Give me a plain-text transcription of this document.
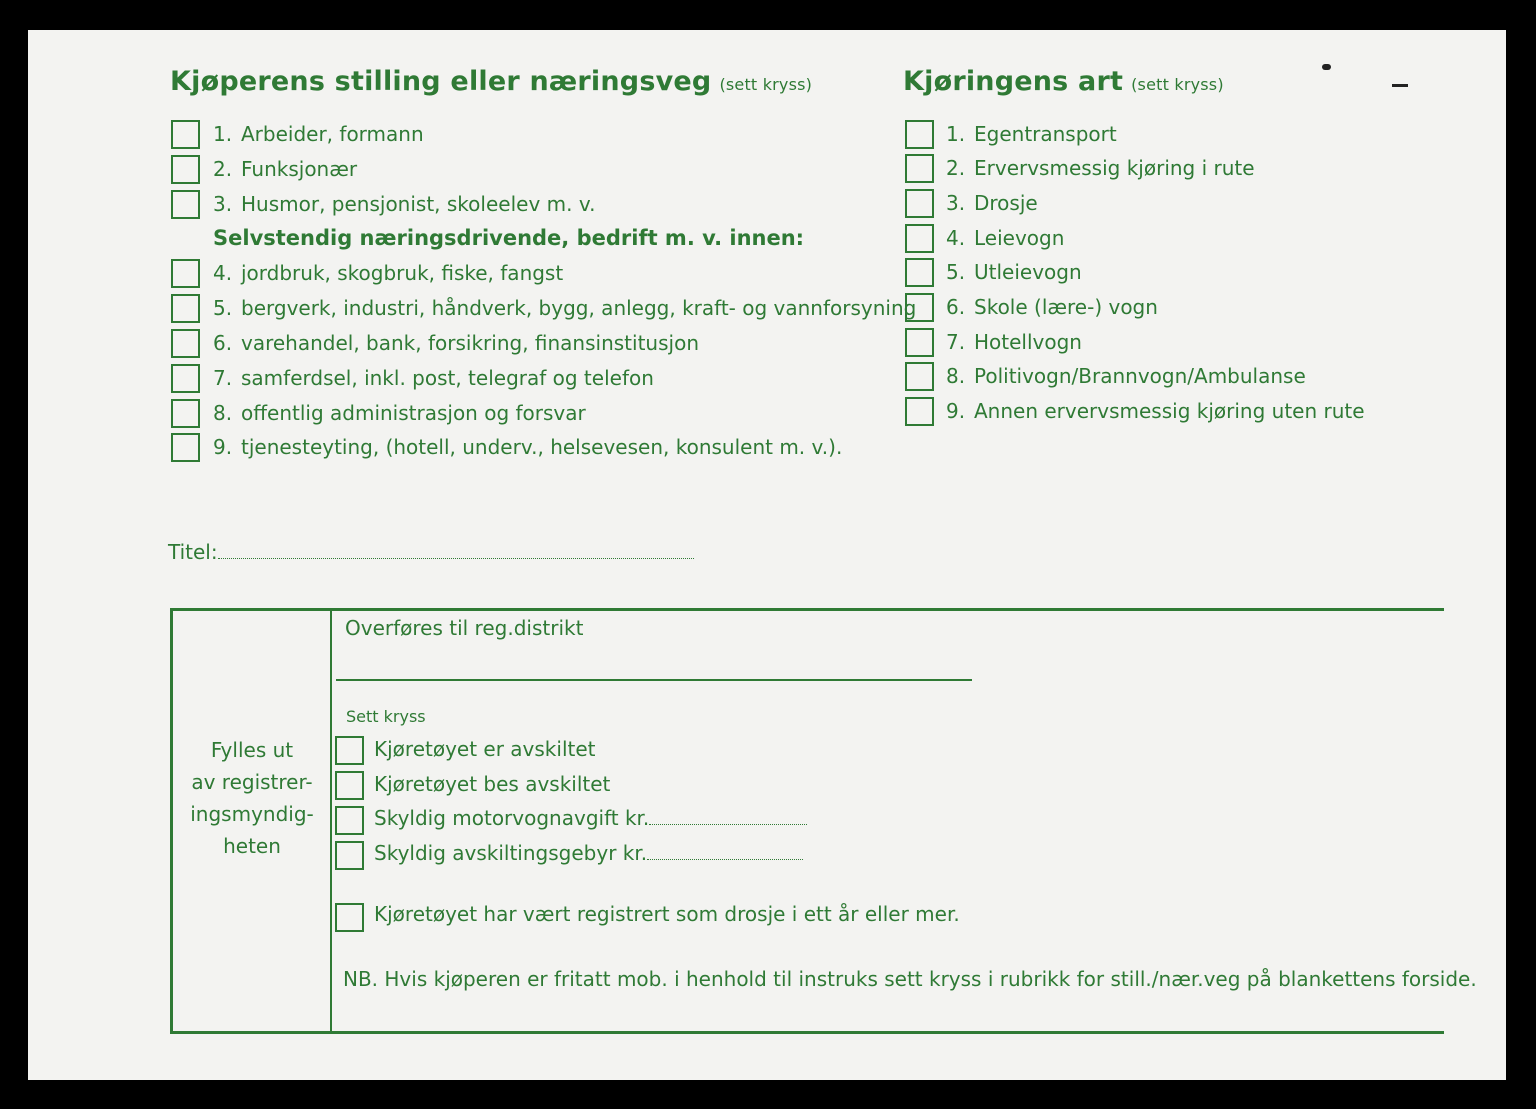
Kjøperens stilling eller næringsveg (sett kryss)
1. Arbeider, formann
2. Funksjonær
3. Husmor, pensjonist, skoleelev m. v.
4. jordbruk, skogbruk, fiske, fangst
5. bergverk, industri, håndverk, bygg, anlegg, kraft- og vannforsyning
6. varehandel, bank, forsikring, finansinstitusjon
7. samferdsel, inkl. post, telegraf og telefon
8. offentlig administrasjon og forsvar
9. tjenesteyting, (hotell, underv., helsevesen, konsulent m. v.).
Selvstendig næringsdrivende, bedrift m. v. innen:
Kjøringens art (sett kryss)
1. Egentransport
2. Ervervsmessig kjøring i rute
3. Drosje
4. Leievogn
5. Utleievogn
6. Skole (lære-) vogn
7. Hotellvogn
8. Politivogn/Brannvogn/Ambulanse
9. Annen ervervsmessig kjøring uten rute
Titel:
Fylles ut
av registrer-
ingsmyndig-
heten
Overføres til reg.distrikt
Sett kryss
Kjøretøyet er avskiltet
Kjøretøyet bes avskiltet
Skyldig motorvognavgift kr.
Skyldig avskiltingsgebyr kr.
Kjøretøyet har vært registrert som drosje i ett år eller mer.
NB. Hvis kjøperen er fritatt mob. i henhold til instruks sett kryss i rubrikk for still./nær.veg på blankettens forside.
